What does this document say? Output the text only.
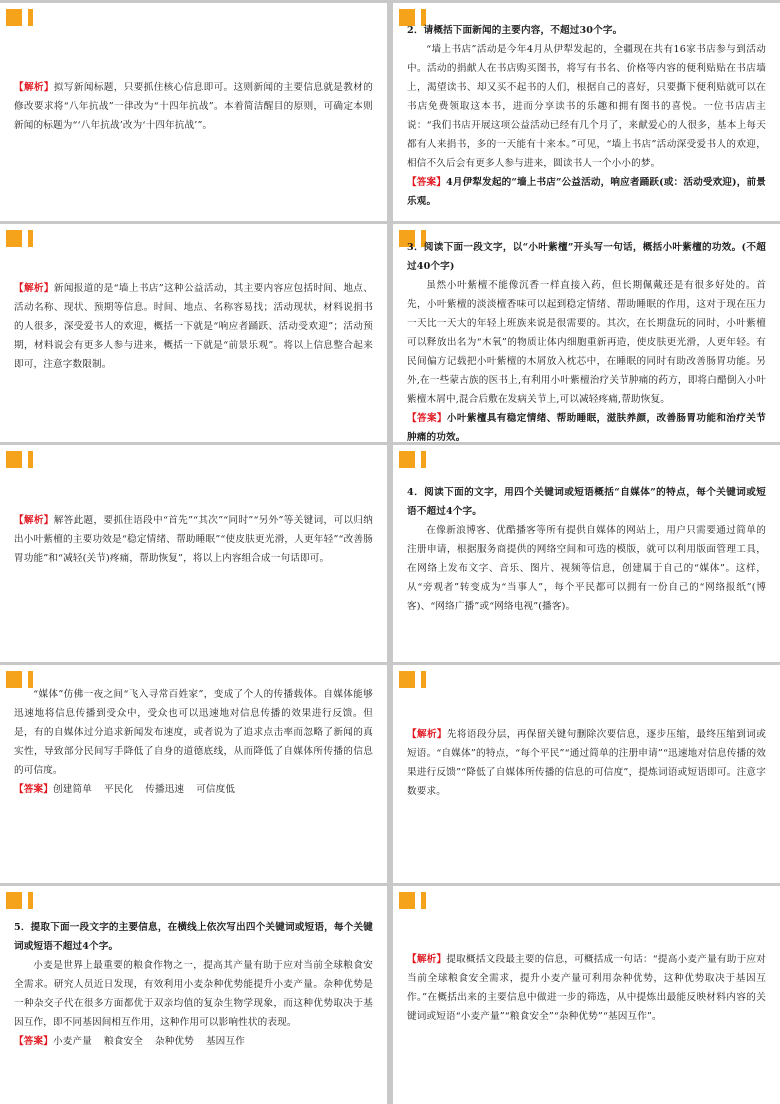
【解析】拟写新闻标题，只要抓住核心信息即可。这则新闻的主要信息就是教材的修改要求将“八年抗战”一律改为“十四年抗战”。本着简洁醒目的原则，可确定本则新闻的标题为“‘八年抗战’改为‘十四年抗战’”。

2．请概括下面新闻的主要内容，不超过30个字。

“墙上书店”活动是今年4月从伊犁发起的，全疆现在共有16家书店参与到活动中。活动的捐献人在书店购买图书，将写有书名、价格等内容的便利贴贴在书店墙上，渴望读书、却又买不起书的人们，根据自己的喜好，只要撕下便利贴就可以在书店免费领取这本书，进而分享读书的乐趣和拥有图书的喜悦。一位书店店主说：“我们书店开展这项公益活动已经有几个月了，来献爱心的人很多，基本上每天都有人来捐书，多的一天能有十来本。”可见，“墙上书店”活动深受爱书人的欢迎，相信不久后会有更多人参与进来，圆读书人一个小小的梦。

【答案】4月伊犁发起的“墙上书店”公益活动，响应者踊跃(或：活动受欢迎)，前景乐观。

【解析】新闻报道的是“墙上书店”这种公益活动，其主要内容应包括时间、地点、活动名称、现状、预期等信息。时间、地点、名称容易找；活动现状，材料说捐书的人很多，深受爱书人的欢迎，概括一下就是“响应者踊跃、活动受欢迎”；活动预期，材料说会有更多人参与进来，概括一下就是“前景乐观”。将以上信息整合起来即可，注意字数限制。

3．阅读下面一段文字，以“小叶紫檀”开头写一句话，概括小叶紫檀的功效。(不超过40个字)

虽然小叶紫檀不能像沉香一样直接入药，但长期佩戴还是有很多好处的。首先，小叶紫檀的淡淡檀香味可以起到稳定情绪、帮助睡眠的作用，这对于现在压力一天比一天大的年轻上班族来说是很需要的。其次，在长期盘玩的同时，小叶紫檀可以释放出名为“木氧”的物质让体内细胞重新再造，使皮肤更光滑，人更年轻。有民间偏方记载把小叶紫檀的木屑放入枕芯中，在睡眠的同时有助改善肠胃功能。另外,在一些蒙古族的医书上,有利用小叶紫檀治疗关节肿痛的药方，即将白醋倒入小叶紫檀木屑中,混合后敷在发病关节上,可以减轻疼痛,帮助恢复。

【答案】小叶紫檀具有稳定情绪、帮助睡眠，滋肤养颜，改善肠胃功能和治疗关节肿痛的功效。

【解析】解答此题，要抓住语段中“首先”“其次”“同时”“另外”等关键词，可以归纳出小叶紫檀的主要功效是“稳定情绪、帮助睡眠”“使皮肤更光滑，人更年轻”“改善肠胃功能”和“减轻(关节)疼痛，帮助恢复”，将以上内容组合成一句话即可。

4．阅读下面的文字，用四个关键词或短语概括“自媒体”的特点，每个关键词或短语不超过4个字。

在像新浪博客、优酷播客等所有提供自媒体的网站上，用户只需要通过简单的注册申请，根据服务商提供的网络空间和可选的模版，就可以利用版面管理工具，在网络上发布文字、音乐、图片、视频等信息，创建属于自己的“媒体”。这样，从“旁观者”转变成为“当事人”，每个平民都可以拥有一份自己的“网络报纸”(博客)、“网络广播”或“网络电视”(播客)。

“媒体”仿佛一夜之间“飞入寻常百姓家”，变成了个人的传播载体。自媒体能够迅速地将信息传播到受众中，受众也可以迅速地对信息传播的效果进行反馈。但是，有的自媒体过分追求新闻发布速度，或者说为了追求点击率而忽略了新闻的真实性，导致部分民间写手降低了自身的道德底线，从而降低了自媒体所传播的信息的可信度。

【答案】创建简单 平民化 传播迅速 可信度低

【解析】先将语段分层，再保留关键句删除次要信息，逐步压缩，最终压缩到词或短语。“自媒体”的特点，“每个平民”“通过简单的注册申请”“迅速地对信息传播的效果进行反馈”“降低了自媒体所传播的信息的可信度”，提炼词语或短语即可。注意字数要求。

5．提取下面一段文字的主要信息，在横线上依次写出四个关键词或短语，每个关键词或短语不超过4个字。

小麦是世界上最重要的粮食作物之一，提高其产量有助于应对当前全球粮食安全需求。研究人员近日发现，有效利用小麦杂种优势能提升小麦产量。杂种优势是一种杂交子代在很多方面都优于双亲均值的复杂生物学现象，而这种优势取决于基因互作，即不同基因间相互作用，这种作用可以影响性状的表现。

【答案】小麦产量 粮食安全 杂种优势 基因互作

【解析】提取概括文段最主要的信息，可概括成一句话：“提高小麦产量有助于应对当前全球粮食安全需求，提升小麦产量可利用杂种优势，这种优势取决于基因互作。”在概括出来的主要信息中做进一步的筛选，从中提炼出最能反映材料内容的关键词或短语“小麦产量”“粮食安全”“杂种优势”“基因互作”。
